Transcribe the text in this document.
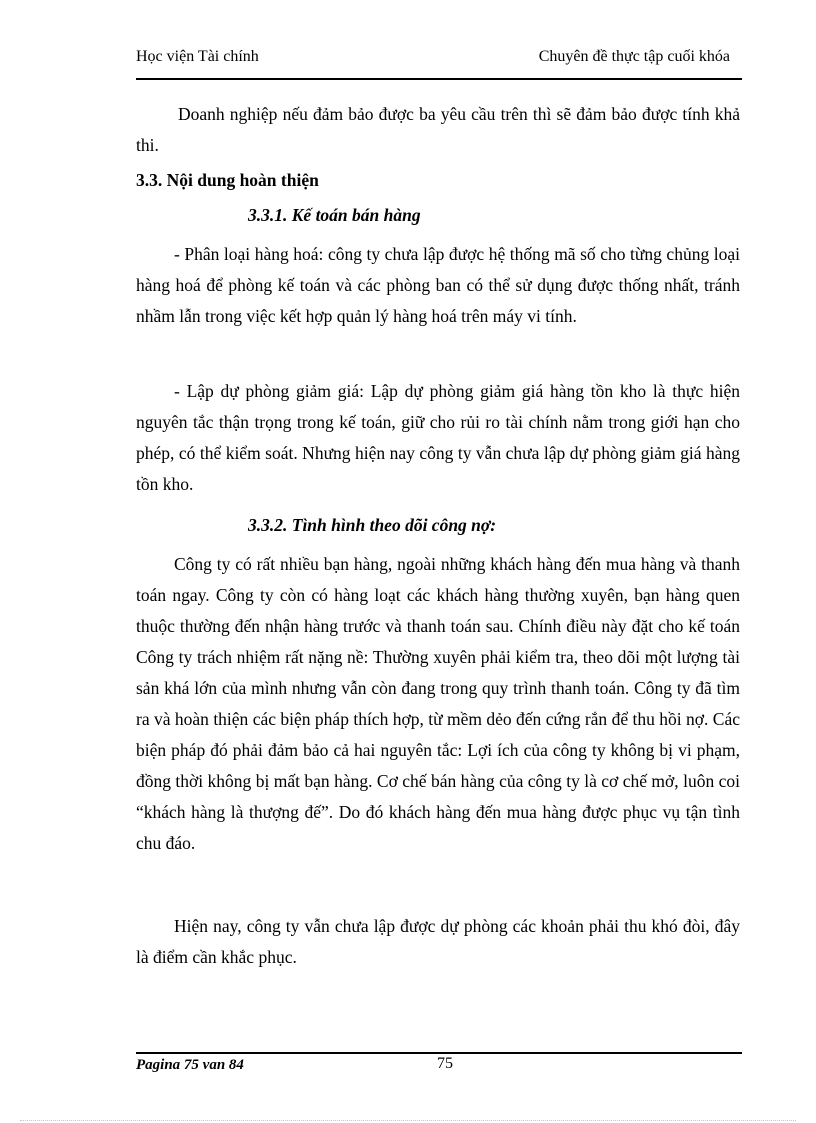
Học viện Tài chính	Chuyên đề thực tập cuối khóa

Doanh nghiệp nếu đảm bảo được ba yêu cầu trên thì sẽ đảm bảo được tính khả thi.

3.3. Nội dung hoàn thiện

3.3.1. Kế toán bán hàng

- Phân loại hàng hoá: công ty chưa lập được hệ thống mã số cho từng chủng loại hàng hoá để phòng kế toán và các phòng ban có thể sử dụng được thống nhất, tránh nhầm lẫn trong việc kết hợp quản lý hàng hoá trên máy vi tính.

- Lập dự phòng giảm giá: Lập dự phòng giảm giá hàng tồn kho là thực hiện nguyên tắc thận trọng trong kế toán, giữ cho rủi ro tài chính nằm trong giới hạn cho phép, có thể kiểm soát. Nhưng hiện nay công ty vẫn chưa lập dự phòng giảm giá hàng tồn kho.

3.3.2. Tình hình theo dõi công nợ:

Công ty có rất nhiều bạn hàng, ngoài những khách hàng đến mua hàng và thanh toán ngay. Công ty còn có hàng loạt các khách hàng thường xuyên, bạn hàng quen thuộc thường đến nhận hàng trước và thanh toán sau. Chính điều này đặt cho kế toán Công ty trách nhiệm rất nặng nề: Thường xuyên phải kiểm tra, theo dõi một lượng tài sản khá lớn của mình nhưng vẫn còn đang trong quy trình thanh toán. Công ty đã tìm ra và hoàn thiện các biện pháp thích hợp, từ mềm dẻo đến cứng rắn để thu hồi nợ. Các biện pháp đó phải đảm bảo cả hai nguyên tắc: Lợi ích của công ty không bị vi phạm, đồng thời không bị mất bạn hàng. Cơ chế bán hàng của công ty là cơ chế mở, luôn coi “khách hàng là thượng đế”. Do đó khách hàng đến mua hàng được phục vụ tận tình chu đáo.

Hiện nay, công ty vẫn chưa lập được dự phòng các khoản phải thu khó đòi, đây là điểm cần khắc phục.

Pagina 75 van 84	75
